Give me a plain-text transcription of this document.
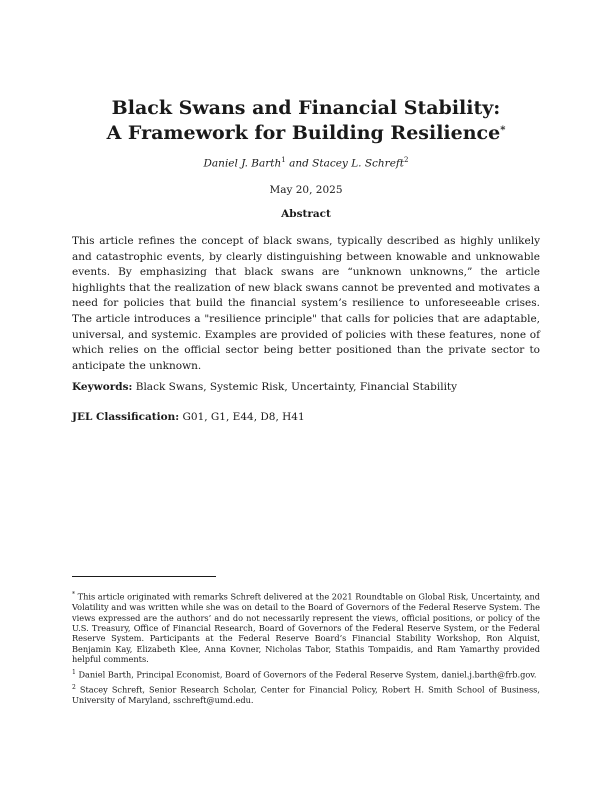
Black Swans and Financial Stability:
A Framework for Building Resilience*
Daniel J. Barth$^1$ and Stacey L. Schreft$^2$
May 20, 2025
Abstract

This article refines the concept of black swans, typically described as highly unlikely and catastrophic events, by clearly distinguishing between knowable and unknowable events. By emphasizing that black swans are “unknown unknowns,” the article highlights that the realization of new black swans cannot be prevented and motivates a need for policies that build the financial system’s resilience to unforeseeable crises. The article introduces a "resilience principle" that calls for policies that are adaptable, universal, and systemic. Examples are provided of policies with these features, none of which relies on the official sector being better positioned than the private sector to anticipate the unknown.

Keywords: Black Swans, Systemic Risk, Uncertainty, Financial Stability

JEL Classification: G01, G1, E44, D8, H41

* This article originated with remarks Schreft delivered at the 2021 Roundtable on Global Risk, Uncertainty, and Volatility and was written while she was on detail to the Board of Governors of the Federal Reserve System. The views expressed are the authors’ and do not necessarily represent the views, official positions, or policy of the U.S. Treasury, Office of Financial Research, Board of Governors of the Federal Reserve System, or the Federal Reserve System. Participants at the Federal Reserve Board’s Financial Stability Workshop, Ron Alquist, Benjamin Kay, Elizabeth Klee, Anna Kovner, Nicholas Tabor, Stathis Tompaidis, and Ram Yamarthy provided helpful comments.

$^1$ Daniel Barth, Principal Economist, Board of Governors of the Federal Reserve System, daniel.j.barth@frb.gov.

$^2$ Stacey Schreft, Senior Research Scholar, Center for Financial Policy, Robert H. Smith School of Business, University of Maryland, sschreft@umd.edu.
